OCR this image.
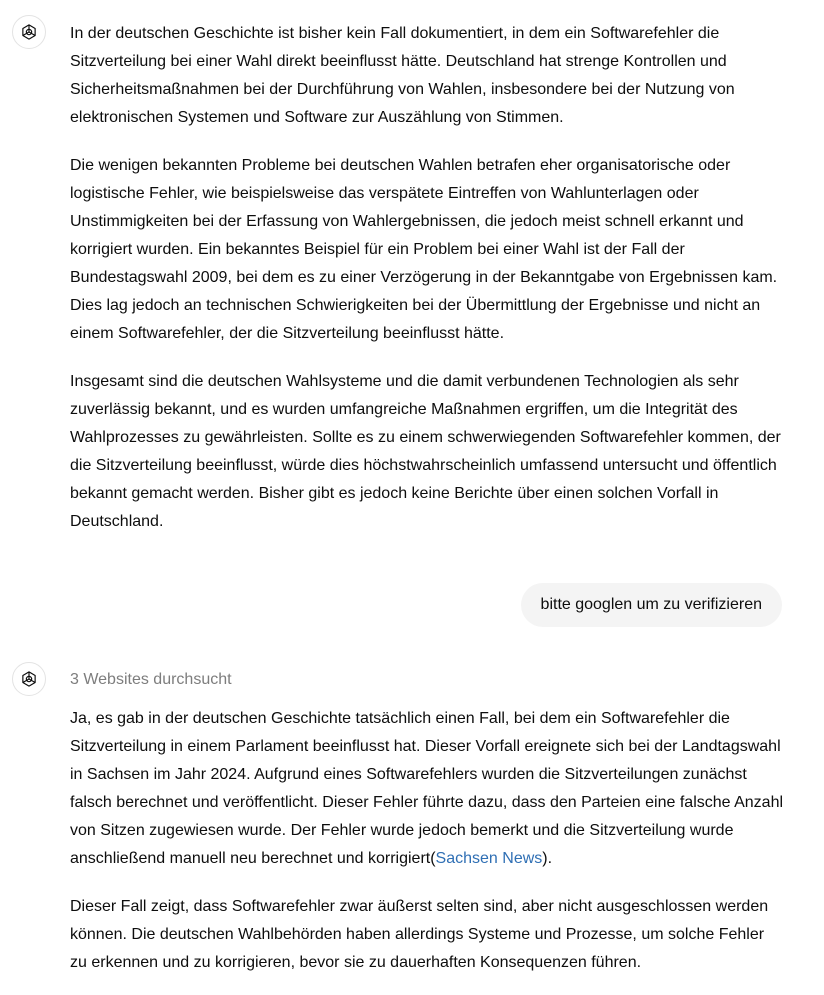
In der deutschen Geschichte ist bisher kein Fall dokumentiert, in dem ein Softwarefehler die Sitzverteilung bei einer Wahl direkt beeinflusst hätte. Deutschland hat strenge Kontrollen und Sicherheitsmaßnahmen bei der Durchführung von Wahlen, insbesondere bei der Nutzung von elektronischen Systemen und Software zur Auszählung von Stimmen.

Die wenigen bekannten Probleme bei deutschen Wahlen betrafen eher organisatorische oder logistische Fehler, wie beispielsweise das verspätete Eintreffen von Wahlunterlagen oder Unstimmigkeiten bei der Erfassung von Wahlergebnissen, die jedoch meist schnell erkannt und korrigiert wurden. Ein bekanntes Beispiel für ein Problem bei einer Wahl ist der Fall der Bundestagswahl 2009, bei dem es zu einer Verzögerung in der Bekanntgabe von Ergebnissen kam. Dies lag jedoch an technischen Schwierigkeiten bei der Übermittlung der Ergebnisse und nicht an einem Softwarefehler, der die Sitzverteilung beeinflusst hätte.

Insgesamt sind die deutschen Wahlsysteme und die damit verbundenen Technologien als sehr zuverlässig bekannt, und es wurden umfangreiche Maßnahmen ergriffen, um die Integrität des Wahlprozesses zu gewährleisten. Sollte es zu einem schwerwiegenden Softwarefehler kommen, der die Sitzverteilung beeinflusst, würde dies höchstwahrscheinlich umfassend untersucht und öffentlich bekannt gemacht werden. Bisher gibt es jedoch keine Berichte über einen solchen Vorfall in Deutschland.

bitte googlen um zu verifizieren
3 Websites durchsucht

Ja, es gab in der deutschen Geschichte tatsächlich einen Fall, bei dem ein Softwarefehler die Sitzverteilung in einem Parlament beeinflusst hat. Dieser Vorfall ereignete sich bei der Landtagswahl in Sachsen im Jahr 2024. Aufgrund eines Softwarefehlers wurden die Sitzverteilungen zunächst falsch berechnet und veröffentlicht. Dieser Fehler führte dazu, dass den Parteien eine falsche Anzahl von Sitzen zugewiesen wurde. Der Fehler wurde jedoch bemerkt und die Sitzverteilung wurde anschließend manuell neu berechnet und korrigiert(Sachsen News).

Dieser Fall zeigt, dass Softwarefehler zwar äußerst selten sind, aber nicht ausgeschlossen werden können. Die deutschen Wahlbehörden haben allerdings Systeme und Prozesse, um solche Fehler zu erkennen und zu korrigieren, bevor sie zu dauerhaften Konsequenzen führen.
